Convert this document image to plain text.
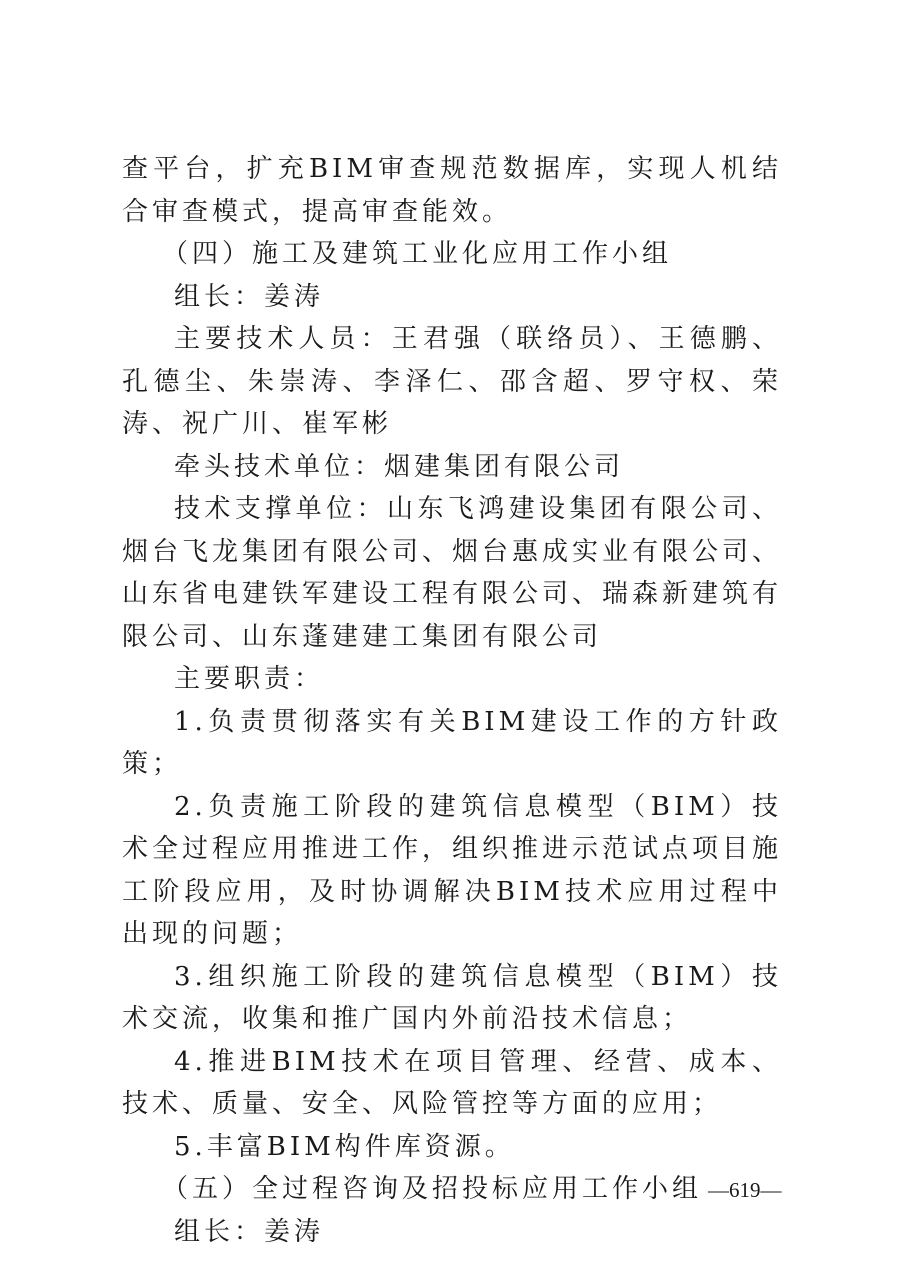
查平台，扩充BIM审查规范数据库，实现人机结合审查模式，提高审查能效。

（四）施工及建筑工业化应用工作小组

组长：姜涛

主要技术人员：王君强（联络员）、王德鹏、孔德尘、朱崇涛、李泽仁、邵含超、罗守权、荣涛、祝广川、崔军彬

牵头技术单位：烟建集团有限公司

技术支撑单位：山东飞鸿建设集团有限公司、烟台飞龙集团有限公司、烟台惠成实业有限公司、山东省电建铁军建设工程有限公司、瑞森新建筑有限公司、山东蓬建建工集团有限公司

主要职责：

1.负责贯彻落实有关BIM建设工作的方针政策；

2.负责施工阶段的建筑信息模型（BIM）技术全过程应用推进工作，组织推进示范试点项目施工阶段应用，及时协调解决BIM技术应用过程中出现的问题；

3.组织施工阶段的建筑信息模型（BIM）技术交流，收集和推广国内外前沿技术信息；

4.推进BIM技术在项目管理、经营、成本、技术、质量、安全、风险管控等方面的应用；

5.丰富BIM构件库资源。

（五）全过程咨询及招投标应用工作小组

组长：姜涛

—619—
